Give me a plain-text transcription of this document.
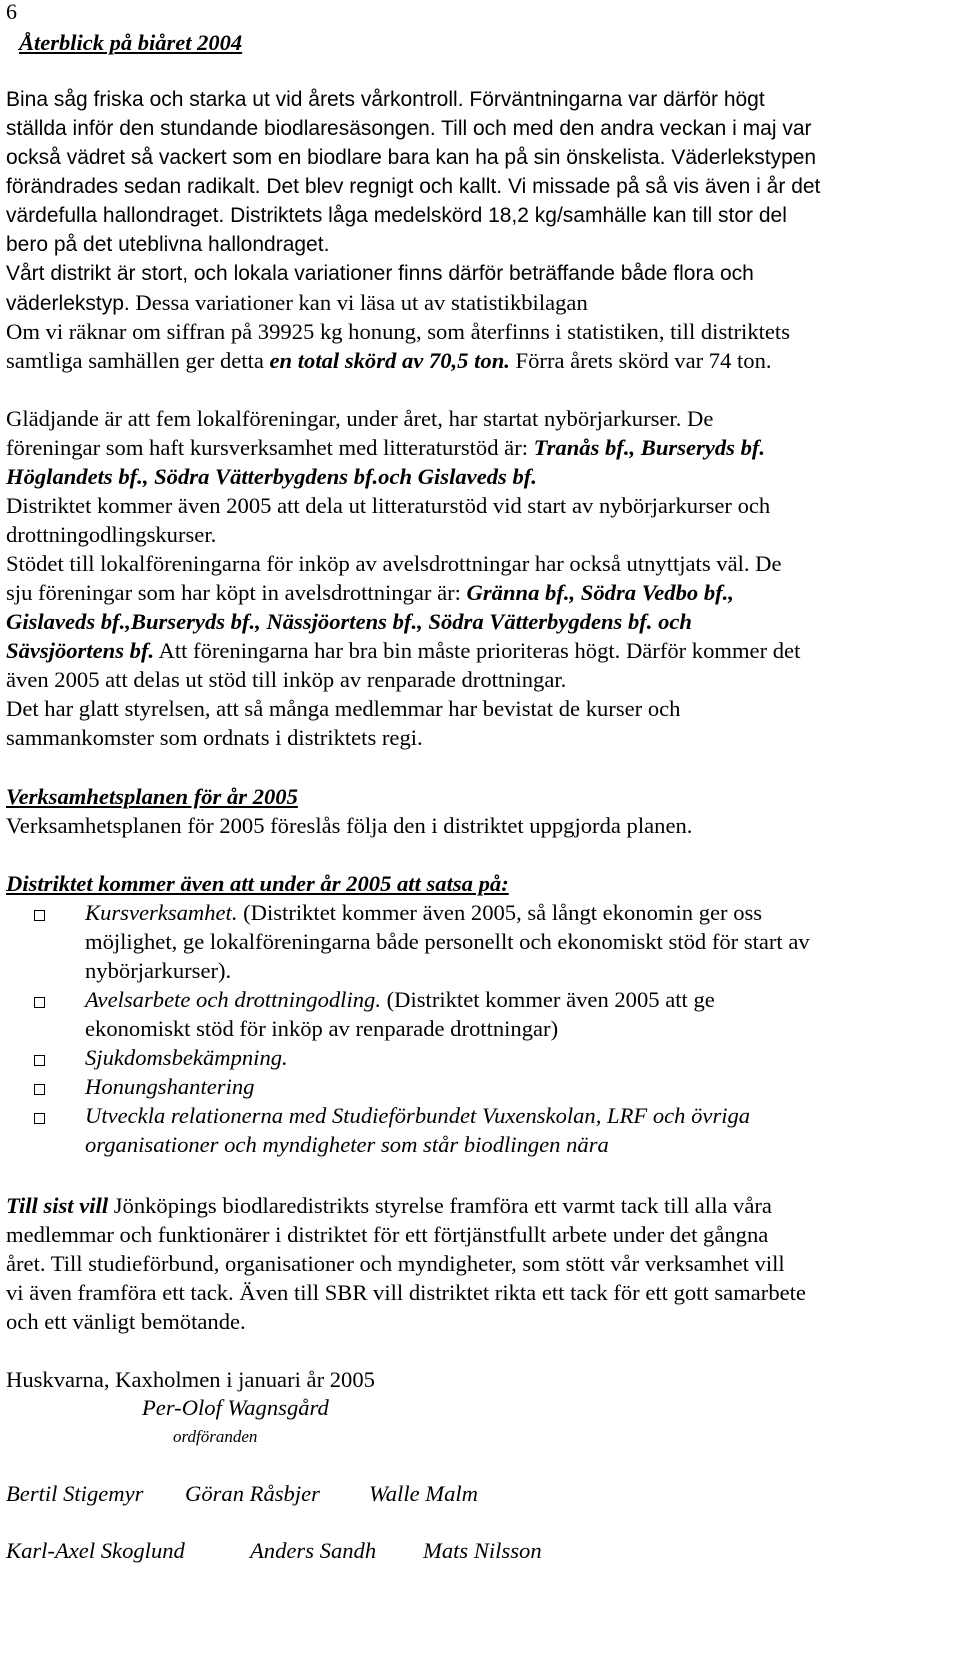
6
Återblick på biåret 2004
Bina såg friska och starka ut vid årets vårkontroll. Förväntningarna var därför högt
ställda inför den stundande biodlaresäsongen. Till och med den andra veckan i maj var
också vädret så vackert som en biodlare bara kan ha på sin önskelista. Väderlekstypen
förändrades sedan radikalt. Det blev regnigt och kallt. Vi missade på så vis även i år det
värdefulla hallondraget. Distriktets låga medelskörd 18,2 kg/samhälle kan till stor del
bero på det uteblivna hallondraget.
Vårt distrikt är stort, och lokala variationer finns därför beträffande både flora och
väderlekstyp. Dessa variationer kan vi läsa ut av statistikbilagan
Om vi räknar om siffran på 39925 kg honung, som återfinns i statistiken, till distriktets
samtliga samhällen ger detta en total skörd av 70,5 ton. Förra årets skörd var 74 ton.
Glädjande är att fem lokalföreningar, under året, har startat nybörjarkurser. De
föreningar som haft kursverksamhet med litteraturstöd är: Tranås bf., Burseryds bf.
Höglandets bf., Södra Vätterbygdens bf.och Gislaveds bf.
Distriktet kommer även 2005 att dela ut litteraturstöd vid start av nybörjarkurser och
drottningodlingskurser.
Stödet till lokalföreningarna för inköp av avelsdrottningar har också utnyttjats väl. De
sju föreningar som har köpt in avelsdrottningar är: Gränna bf., Södra Vedbo bf.,
Gislaveds bf.,Burseryds bf., Nässjöortens bf., Södra Vätterbygdens bf. och
Sävsjöortens bf. Att föreningarna har bra bin måste prioriteras högt. Därför kommer det
även 2005 att delas ut stöd till inköp av renparade drottningar.
Det har glatt styrelsen, att så många medlemmar har bevistat de kurser och
sammankomster som ordnats i distriktets regi.
Verksamhetsplanen för år 2005
Verksamhetsplanen för 2005 föreslås följa den i distriktet uppgjorda planen.
Distriktet kommer även att under år 2005 att satsa på:
Kursverksamhet. (Distriktet kommer även 2005, så långt ekonomin ger oss
möjlighet, ge lokalföreningarna både personellt och ekonomiskt stöd för start av
nybörjarkurser).
Avelsarbete och drottningodling. (Distriktet kommer även 2005 att ge
ekonomiskt stöd för inköp av renparade drottningar)
Sjukdomsbekämpning.
Honungshantering
Utveckla relationerna med Studieförbundet Vuxenskolan, LRF och övriga
organisationer och myndigheter som står biodlingen nära
Till sist vill Jönköpings biodlaredistrikts styrelse framföra ett varmt tack till alla våra
medlemmar och funktionärer i distriktet för ett förtjänstfullt arbete under det gångna
året. Till studieförbund, organisationer och myndigheter, som stött vår verksamhet vill
vi även framföra ett tack. Även till SBR vill distriktet rikta ett tack för ett gott samarbete
och ett vänligt bemötande.
Huskvarna, Kaxholmen i januari år 2005
Per-Olof Wagnsgård
ordföranden
Bertil Stigemyr Göran Råsbjer Walle Malm
Karl-Axel Skoglund	Anders Sandh Mats Nilsson
